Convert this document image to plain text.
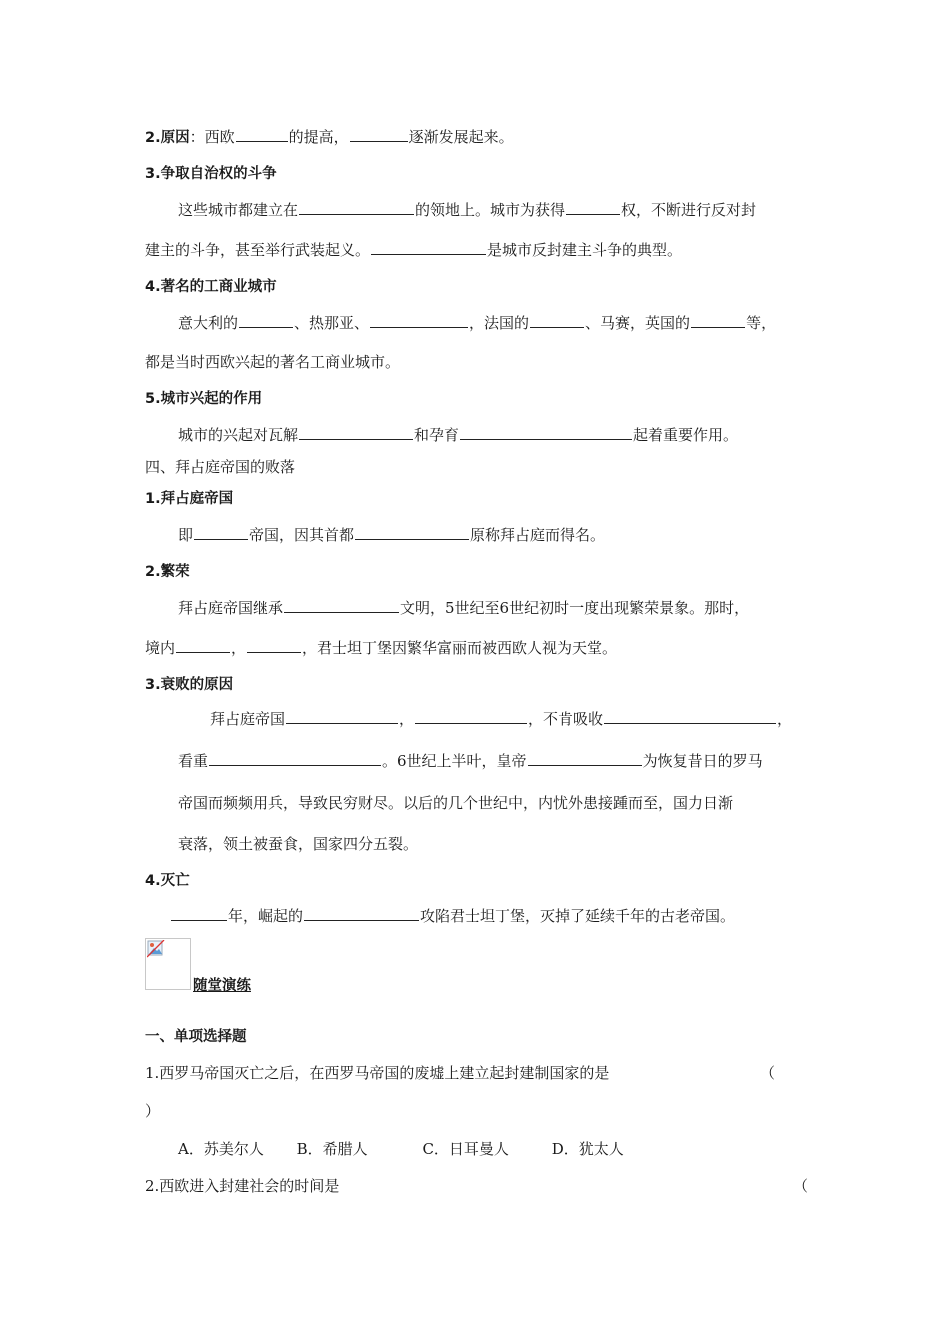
2.原因：西欧	的提高，	逐渐发展起来。
3.争取自治权的斗争
这些城市都建立在	的领地上。城市为获得	权，不断进行反对封
建主的斗争，甚至举行武装起义。	是城市反封建主斗争的典型。
4.著名的工商业城市
意大利的	、热那亚、	，法国的	、马赛，英国的	等，
都是当时西欧兴起的著名工商业城市。
5.城市兴起的作用
城市的兴起对瓦解	和孕育	起着重要作用。
四、拜占庭帝国的败落
1.拜占庭帝国
即	帝国，因其首都	原称拜占庭而得名。
2.繁荣
拜占庭帝国继承	文明，5世纪至6世纪初时一度出现繁荣景象。那时，
境内	，	，君士坦丁堡因繁华富丽而被西欧人视为天堂。
3.衰败的原因
拜占庭帝国	，	，不肯吸收	，
看重	。6世纪上半叶，皇帝	为恢复昔日的罗马
帝国而频频用兵，导致民穷财尽。以后的几个世纪中，内忧外患接踵而至，国力日渐
衰落，领土被蚕食，国家四分五裂。
4.灭亡
年，崛起的	攻陷君士坦丁堡，灭掉了延续千年的古老帝国。
随堂演练
一、单项选择题
1.西罗马帝国灭亡之后，在西罗马帝国的废墟上建立起封建制国家的是	（
）
A．苏美尔人 B．希腊人	C．日耳曼人	D．犹太人
2.西欧进入封建社会的时间是	（
